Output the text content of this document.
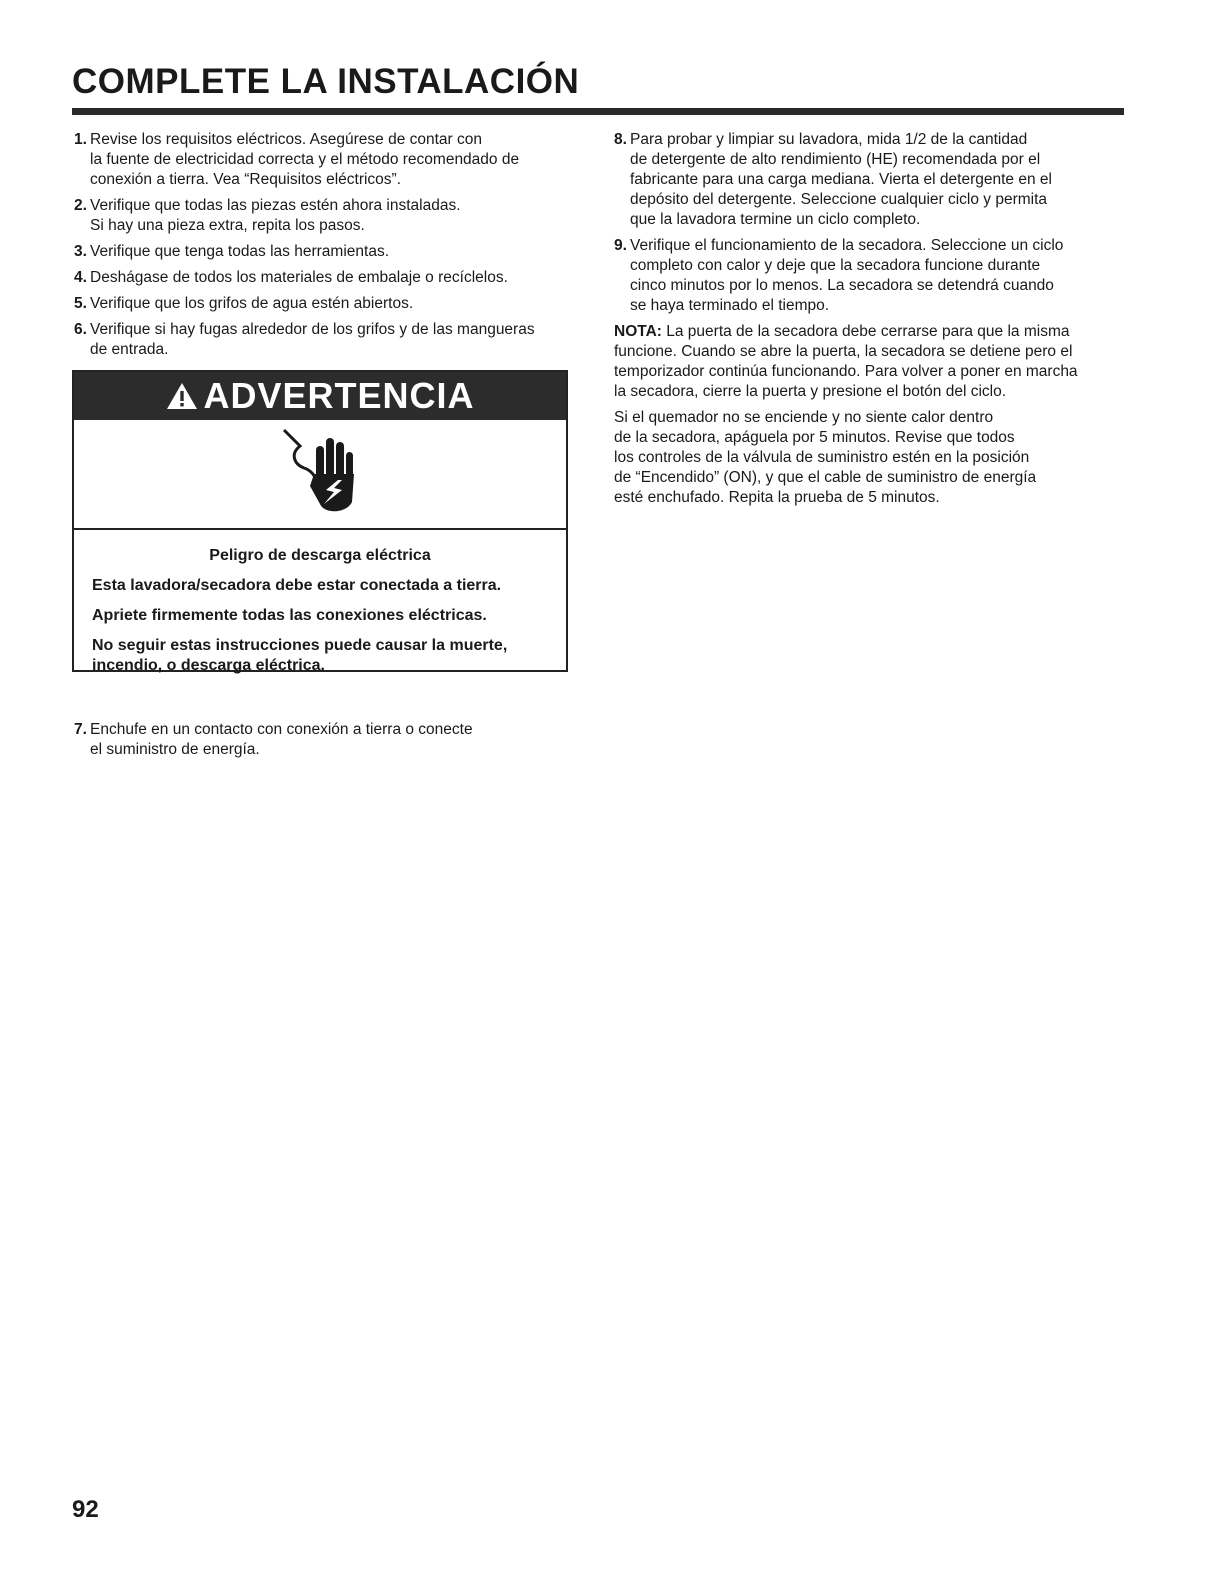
COMPLETE LA INSTALACIÓN
1. Revise los requisitos eléctricos. Asegúrese de contar con
la fuente de electricidad correcta y el método recomendado de
conexión a tierra. Vea “Requisitos eléctricos”.
2. Verifique que todas las piezas estén ahora instaladas.
Si hay una pieza extra, repita los pasos.
3. Verifique que tenga todas las herramientas.
4. Deshágase de todos los materiales de embalaje o recíclelos.
5. Verifique que los grifos de agua estén abiertos.
6. Verifique si hay fugas alrededor de los grifos y de las mangueras
de entrada.
ADVERTENCIA
Peligro de descarga eléctrica
Esta lavadora/secadora debe estar conectada a tierra.
Apriete firmemente todas las conexiones eléctricas.
No seguir estas instrucciones puede causar la muerte,
incendio, o descarga eléctrica.
7. Enchufe en un contacto con conexión a tierra o conecte
el suministro de energía.
8. Para probar y limpiar su lavadora, mida 1/2 de la cantidad
de detergente de alto rendimiento (HE) recomendada por el
fabricante para una carga mediana. Vierta el detergente en el
depósito del detergente. Seleccione cualquier ciclo y permita
que la lavadora termine un ciclo completo.
9. Verifique el funcionamiento de la secadora. Seleccione un ciclo
completo con calor y deje que la secadora funcione durante
cinco minutos por lo menos. La secadora se detendrá cuando
se haya terminado el tiempo.
NOTA: La puerta de la secadora debe cerrarse para que la misma
funcione. Cuando se abre la puerta, la secadora se detiene pero el
temporizador continúa funcionando. Para volver a poner en marcha
la secadora, cierre la puerta y presione el botón del ciclo.
Si el quemador no se enciende y no siente calor dentro
de la secadora, apáguela por 5 minutos. Revise que todos
los controles de la válvula de suministro estén en la posición
de “Encendido” (ON), y que el cable de suministro de energía
esté enchufado. Repita la prueba de 5 minutos.
92
